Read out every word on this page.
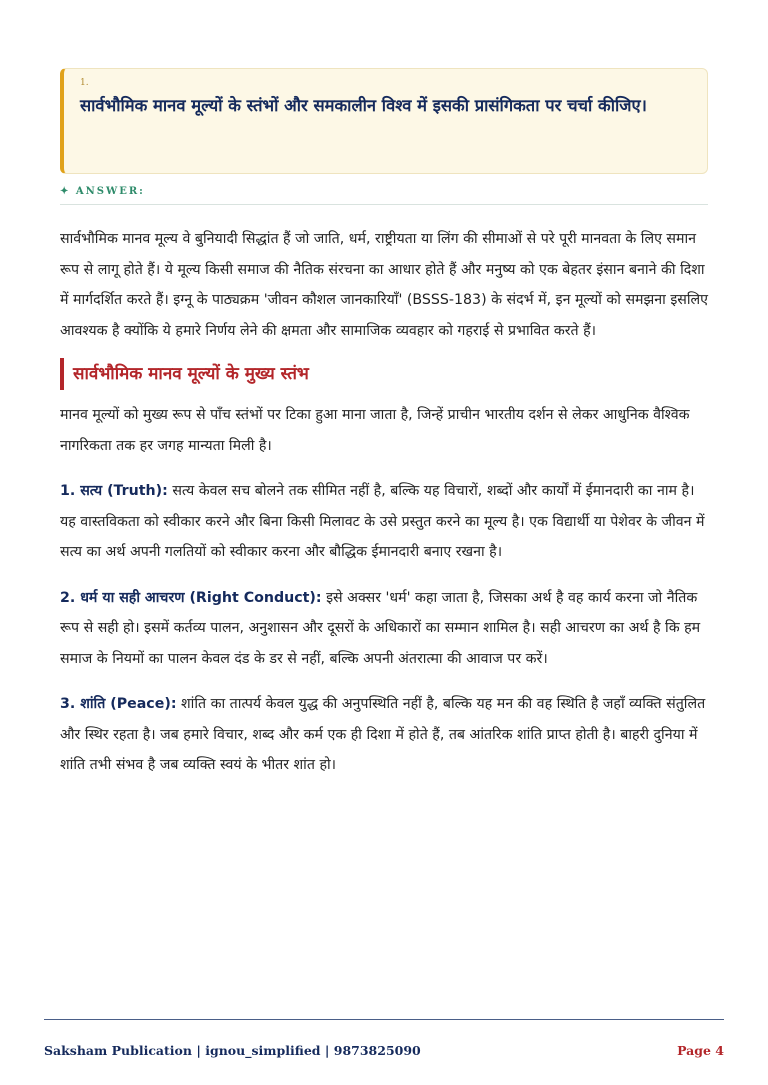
1.
सार्वभौमिक मानव मूल्यों के स्तंभों और समकालीन विश्व में इसकी प्रासंगिकता पर चर्चा कीजिए।
✦ ANSWER:

सार्वभौमिक मानव मूल्य वे बुनियादी सिद्धांत हैं जो जाति, धर्म, राष्ट्रीयता या लिंग की सीमाओं से परे पूरी मानवता के लिए समान रूप से लागू होते हैं। ये मूल्य किसी समाज की नैतिक संरचना का आधार होते हैं और मनुष्य को एक बेहतर इंसान बनाने की दिशा में मार्गदर्शित करते हैं। इग्नू के पाठ्यक्रम 'जीवन कौशल जानकारियाँ' (BSSS-183) के संदर्भ में, इन मूल्यों को समझना इसलिए आवश्यक है क्योंकि ये हमारे निर्णय लेने की क्षमता और सामाजिक व्यवहार को गहराई से प्रभावित करते हैं।

सार्वभौमिक मानव मूल्यों के मुख्य स्तंभ

मानव मूल्यों को मुख्य रूप से पाँच स्तंभों पर टिका हुआ माना जाता है, जिन्हें प्राचीन भारतीय दर्शन से लेकर आधुनिक वैश्विक नागरिकता तक हर जगह मान्यता मिली है।

1. सत्य (Truth): सत्य केवल सच बोलने तक सीमित नहीं है, बल्कि यह विचारों, शब्दों और कार्यों में ईमानदारी का नाम है। यह वास्तविकता को स्वीकार करने और बिना किसी मिलावट के उसे प्रस्तुत करने का मूल्य है। एक विद्यार्थी या पेशेवर के जीवन में सत्य का अर्थ अपनी गलतियों को स्वीकार करना और बौद्धिक ईमानदारी बनाए रखना है।

2. धर्म या सही आचरण (Right Conduct): इसे अक्सर 'धर्म' कहा जाता है, जिसका अर्थ है वह कार्य करना जो नैतिक रूप से सही हो। इसमें कर्तव्य पालन, अनुशासन और दूसरों के अधिकारों का सम्मान शामिल है। सही आचरण का अर्थ है कि हम समाज के नियमों का पालन केवल दंड के डर से नहीं, बल्कि अपनी अंतरात्मा की आवाज पर करें।

3. शांति (Peace): शांति का तात्पर्य केवल युद्ध की अनुपस्थिति नहीं है, बल्कि यह मन की वह स्थिति है जहाँ व्यक्ति संतुलित और स्थिर रहता है। जब हमारे विचार, शब्द और कर्म एक ही दिशा में होते हैं, तब आंतरिक शांति प्राप्त होती है। बाहरी दुनिया में शांति तभी संभव है जब व्यक्ति स्वयं के भीतर शांत हो।

Saksham Publication | ignou_simplified | 9873825090	Page 4
